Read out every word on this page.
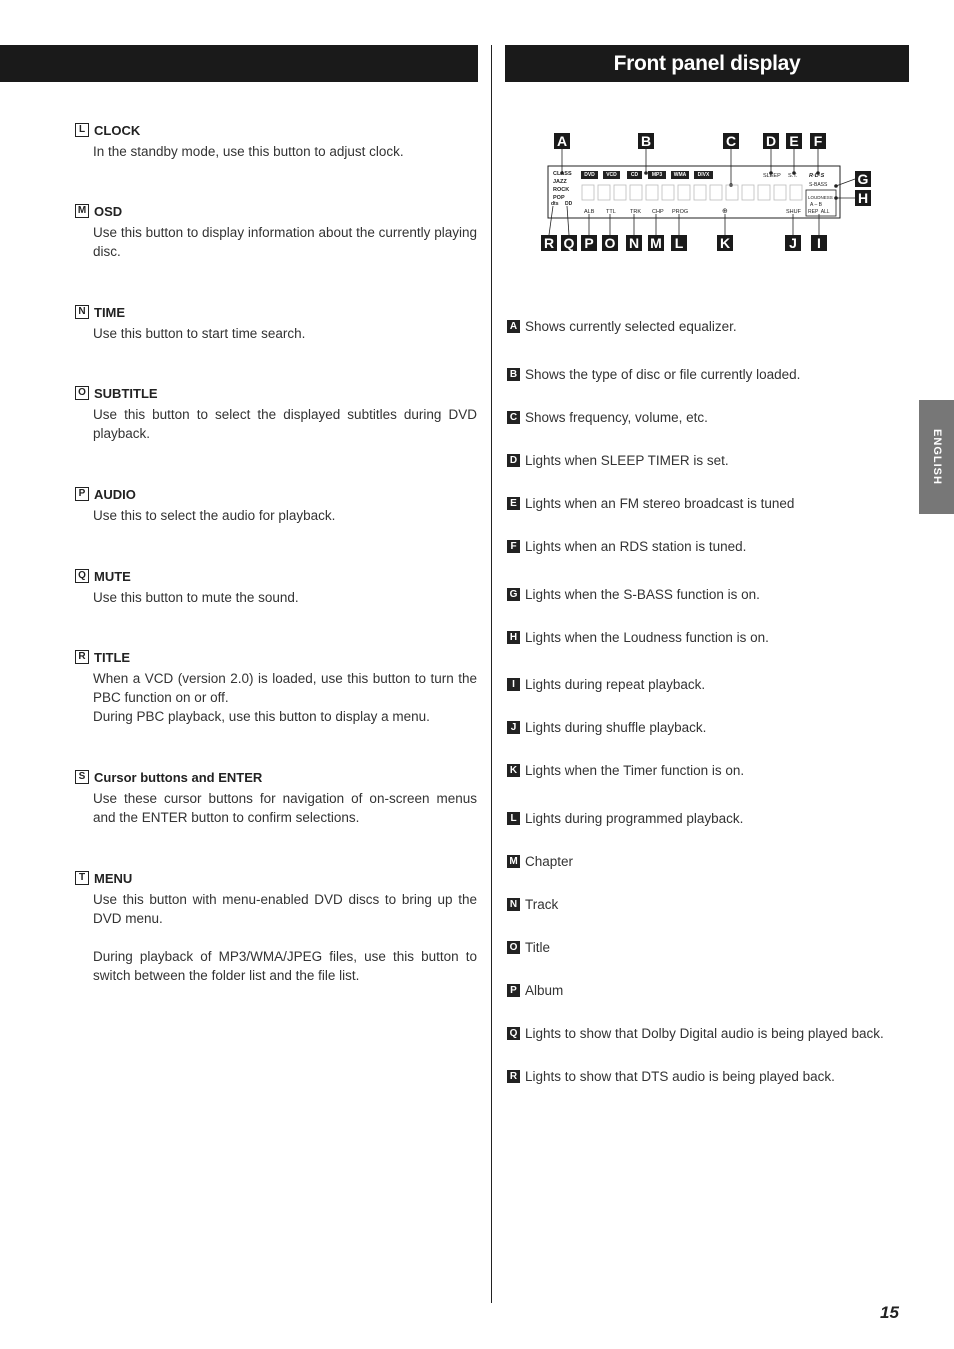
Front panel display
ENGLISH
15
L CLOCK

In the standby mode, use this button to adjust clock.

M OSD

Use this button to display information about the currently playing disc.

N TIME

Use this button to start time search.

O SUBTITLE

Use this button to select the displayed subtitles during DVD playback.

P AUDIO

Use this to select the audio for playback.

Q MUTE

Use this button to mute the sound.

R TITLE

When a VCD (version 2.0) is loaded, use this button to turn the PBC function on or off.

During PBC playback, use this button to display a menu.

S Cursor buttons and ENTER

Use these cursor buttons for navigation of on-screen menus and the ENTER button to confirm selections.

T MENU

Use this button with menu-enabled DVD discs to bring up the DVD menu.

During playback of MP3/WMA/JPEG files, use this button to switch between the folder list and the file list.

A	B	C D E F
G
H
R Q P O N M L	K	J	I
CLASS
JAZZ
ROCK
POP
DVD	VCD	CD	MP3	WMA	DIVX	SLEEP S.T. R·D·S
S-BASS
LOUDNESS
A – B
REP  ALL
dts DD
ALB TTL	TRK CHP PROG	⊕	SHUF
A Shows currently selected equalizer.
B Shows the type of disc or file currently loaded.
C Shows frequency, volume, etc.
D Lights when SLEEP TIMER is set.
E Lights when an FM stereo broadcast is tuned
F Lights when an RDS station is tuned.
G Lights when the S-BASS function is on.
H Lights when the Loudness function is on.
I Lights during repeat playback.
J Lights during shuffle playback.
K Lights when the Timer function is on.
L Lights during programmed playback.
M Chapter
N Track
O Title
P Album
Q Lights to show that Dolby Digital audio is being played back.
R Lights to show that DTS audio is being played back.
